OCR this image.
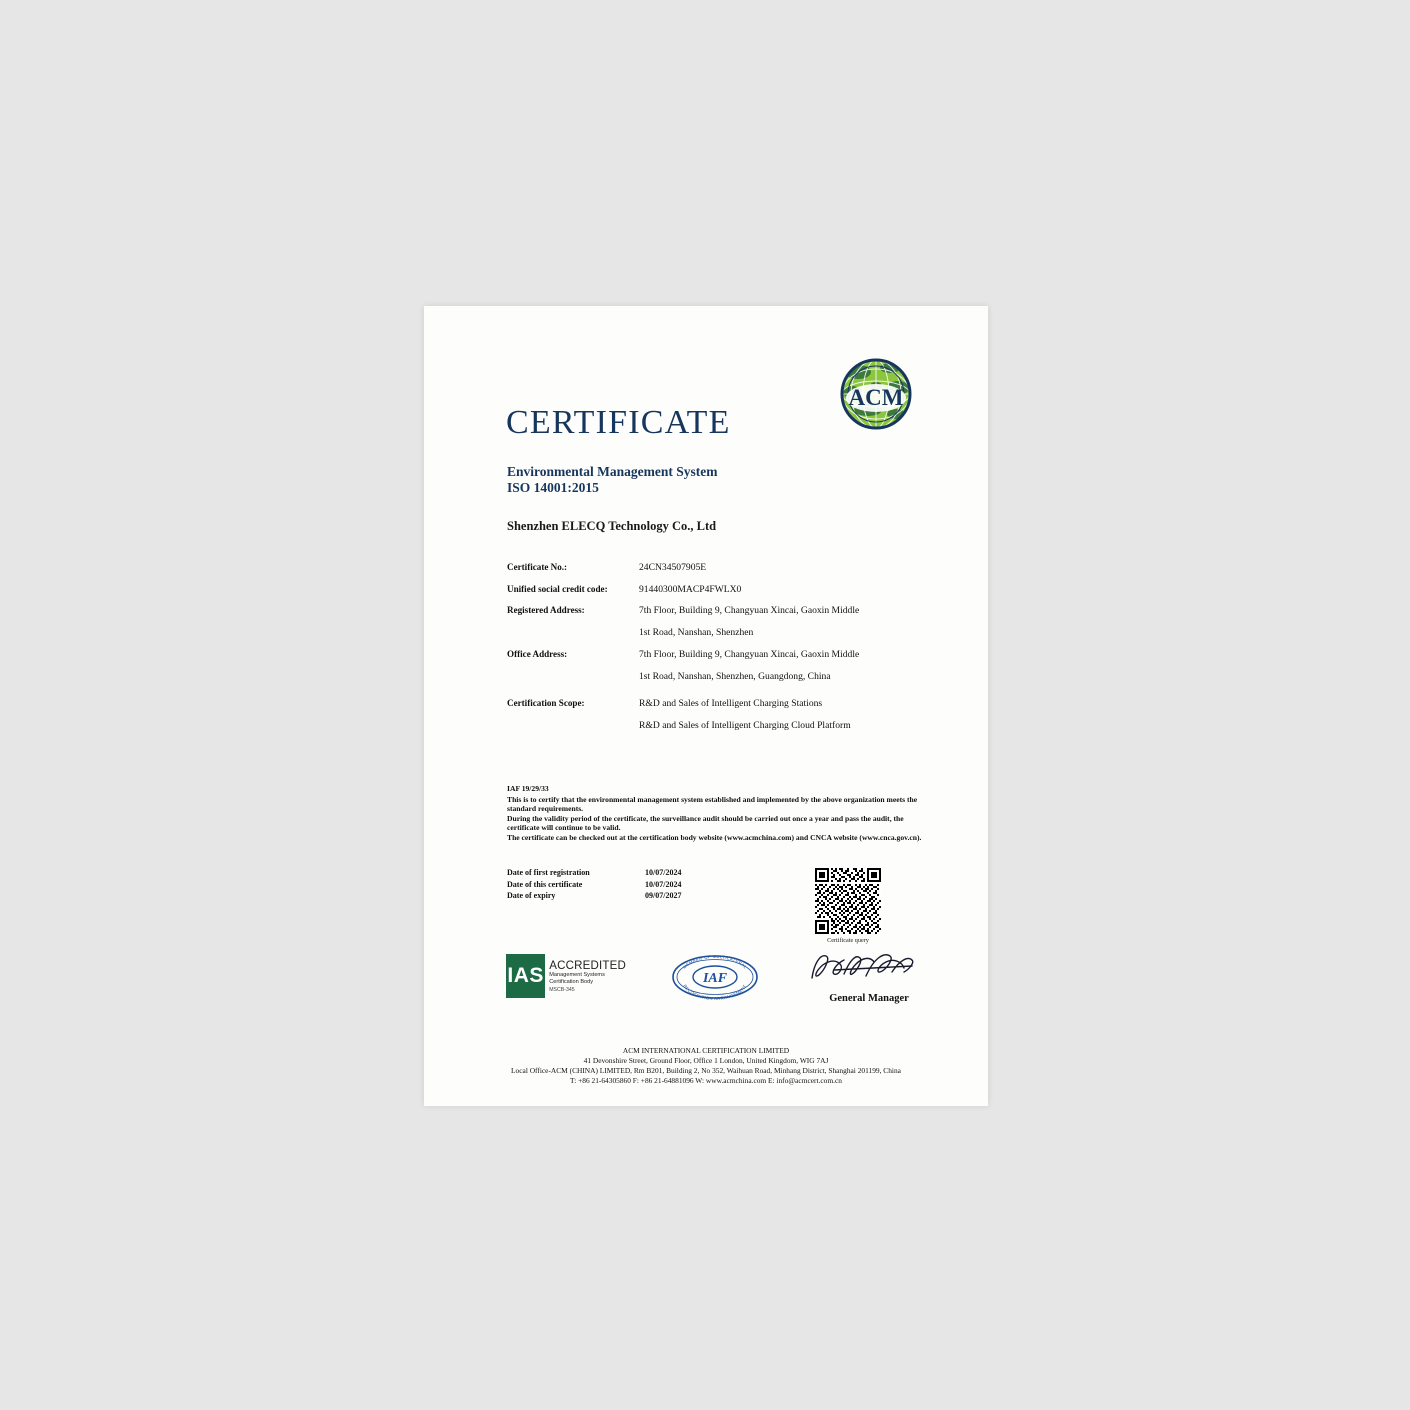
CERTIFICATE
ACM
Environmental Management System
ISO 14001:2015
Shenzhen ELECQ Technology Co., Ltd
Certificate No.:	24CN34507905E
Unified social credit code:	91440300MACP4FWLX0
Registered Address:	7th Floor, Building 9, Changyuan Xincai, Gaoxin Middle
1st Road, Nanshan, Shenzhen
Office Address:	7th Floor, Building 9, Changyuan Xincai, Gaoxin Middle
1st Road, Nanshan, Shenzhen, Guangdong, China
Certification Scope:	R&D and Sales of Intelligent Charging Stations
R&D and Sales of Intelligent Charging Cloud Platform

IAF 19/29/33

This is to certify that the environmental management system established and implemented by the above organization meets the standard requirements.

During the validity period of the certificate, the surveillance audit should be carried out once a year and pass the audit, the certificate will continue to be valid.

The certificate can be checked out at the certification body website (www.acmchina.com) and CNCA website (www.cnca.gov.cn).

Date of first registration	10/07/2024
Date of this certificate	10/07/2024
Date of expiry	09/07/2027
Certificate query
IAS ACCREDITED
Management Systems
Certification Body
MSCB-345
MEMBER OF MULTILATERAL
RECOGNITION ARRANGEMENT
IAF
General Manager
ACM INTERNATIONAL CERTIFICATION LIMITED
41 Devonshire Street, Ground Floor, Office 1 London, United Kingdom, WIG 7AJ
Local Office-ACM (CHINA) LIMITED, Rm B201, Building 2, No 352, Waihuan Road, Minhang District, Shanghai 201199, China
T: +86 21-64305860 F: +86 21-64881096 W: www.acmchina.com E: info@acmcert.com.cn
